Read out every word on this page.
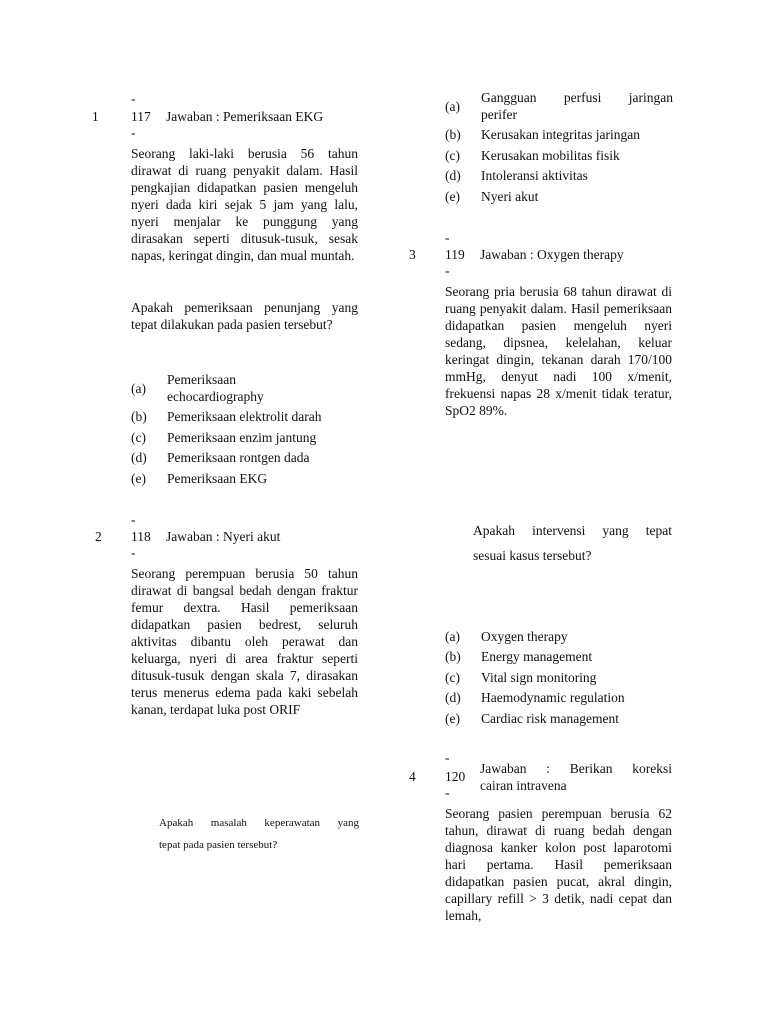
-
1 117 Jawaban : Pemeriksaan EKG
-
Seorang laki-laki berusia 56 tahun dirawat di ruang penyakit dalam. Hasil pengkajian didapatkan pasien mengeluh nyeri dada kiri sejak 5 jam yang lalu, nyeri menjalar ke punggung yang dirasakan seperti ditusuk-tusuk, sesak napas, keringat dingin, dan mual muntah.
Apakah pemeriksaan penunjang yang tepat dilakukan pada pasien tersebut?
(a)
Pemeriksaan
echocardiography
(b) Pemeriksaan elektrolit darah
(c) Pemeriksaan enzim jantung
(d) Pemeriksaan rontgen dada
(e) Pemeriksaan EKG
-
2 118 Jawaban : Nyeri akut
-
Seorang perempuan berusia 50 tahun dirawat di bangsal bedah dengan fraktur femur dextra. Hasil pemeriksaan didapatkan pasien bedrest, seluruh aktivitas dibantu oleh perawat dan keluarga, nyeri di area fraktur seperti ditusuk-tusuk dengan skala 7, dirasakan terus menerus edema pada kaki sebelah kanan, terdapat luka post ORIF
Apakah masalah keperawatan yang
tepat pada pasien tersebut?
(a)
Gangguan perfusi jaringan
perifer
(b) Kerusakan integritas jaringan
(c) Kerusakan mobilitas fisik
(d) Intoleransi aktivitas
(e) Nyeri akut
-
3 119 Jawaban : Oxygen therapy
-
Seorang pria berusia 68 tahun dirawat di ruang penyakit dalam. Hasil pemeriksaan didapatkan pasien mengeluh nyeri sedang, dipsnea, kelelahan, keluar keringat dingin, tekanan darah 170/100 mmHg, denyut nadi 100 x/menit, frekuensi napas 28 x/menit tidak teratur, SpO2 89%.
Apakah intervensi yang tepat
sesuai kasus tersebut?
(a) Oxygen therapy
(b) Energy management
(c) Vital sign monitoring
(d) Haemodynamic regulation
(e) Cardiac risk management
-
4 120
Jawaban : Berikan koreksi
cairan intravena
-
Seorang pasien perempuan berusia 62 tahun, dirawat di ruang bedah dengan diagnosa kanker kolon post laparotomi hari pertama. Hasil pemeriksaan didapatkan pasien pucat, akral dingin, capillary refill > 3 detik, nadi cepat dan lemah,
